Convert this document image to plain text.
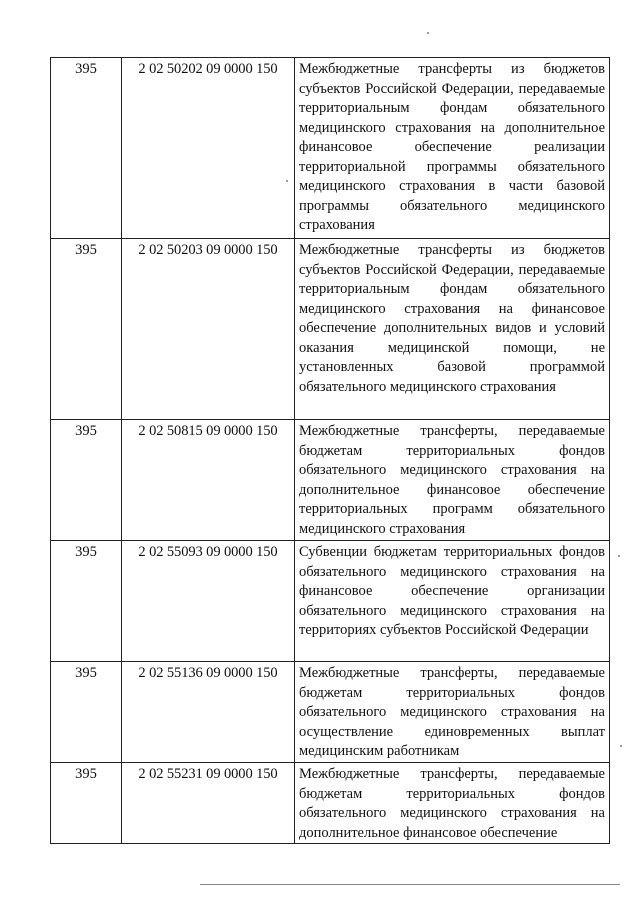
395	2 02 50202 09 0000 150	Межбюджетные трансферты из бюджетов субъектов Российской Федерации, передаваемые территориальным фондам обязательного медицинского страхования на дополнительное финансовое обеспечение реализации территориальной программы обязательного медицинского страхования в части базовой программы обязательного медицинского страхования
395	2 02 50203 09 0000 150	Межбюджетные трансферты из бюджетов субъектов Российской Федерации, передаваемые территориальным фондам обязательного медицинского страхования на финансовое обеспечение дополнительных видов и условий оказания медицинской помощи, не установленных базовой программой обязательного медицинского страхования
395	2 02 50815 09 0000 150	Межбюджетные трансферты, передаваемые бюджетам территориальных фондов обязательного медицинского страхования на дополнительное финансовое обеспечение территориальных программ обязательного медицинского страхования
395	2 02 55093 09 0000 150	Субвенции бюджетам территориальных фондов обязательного медицинского страхования на финансовое обеспечение организации обязательного медицинского страхования на территориях субъектов Российской Федерации
395	2 02 55136 09 0000 150	Межбюджетные трансферты, передаваемые бюджетам территориальных фондов обязательного медицинского страхования на осуществление единовременных выплат медицинским работникам
395	2 02 55231 09 0000 150	Межбюджетные трансферты, передаваемые бюджетам территориальных фондов обязательного медицинского страхования на дополнительное финансовое обеспечение
